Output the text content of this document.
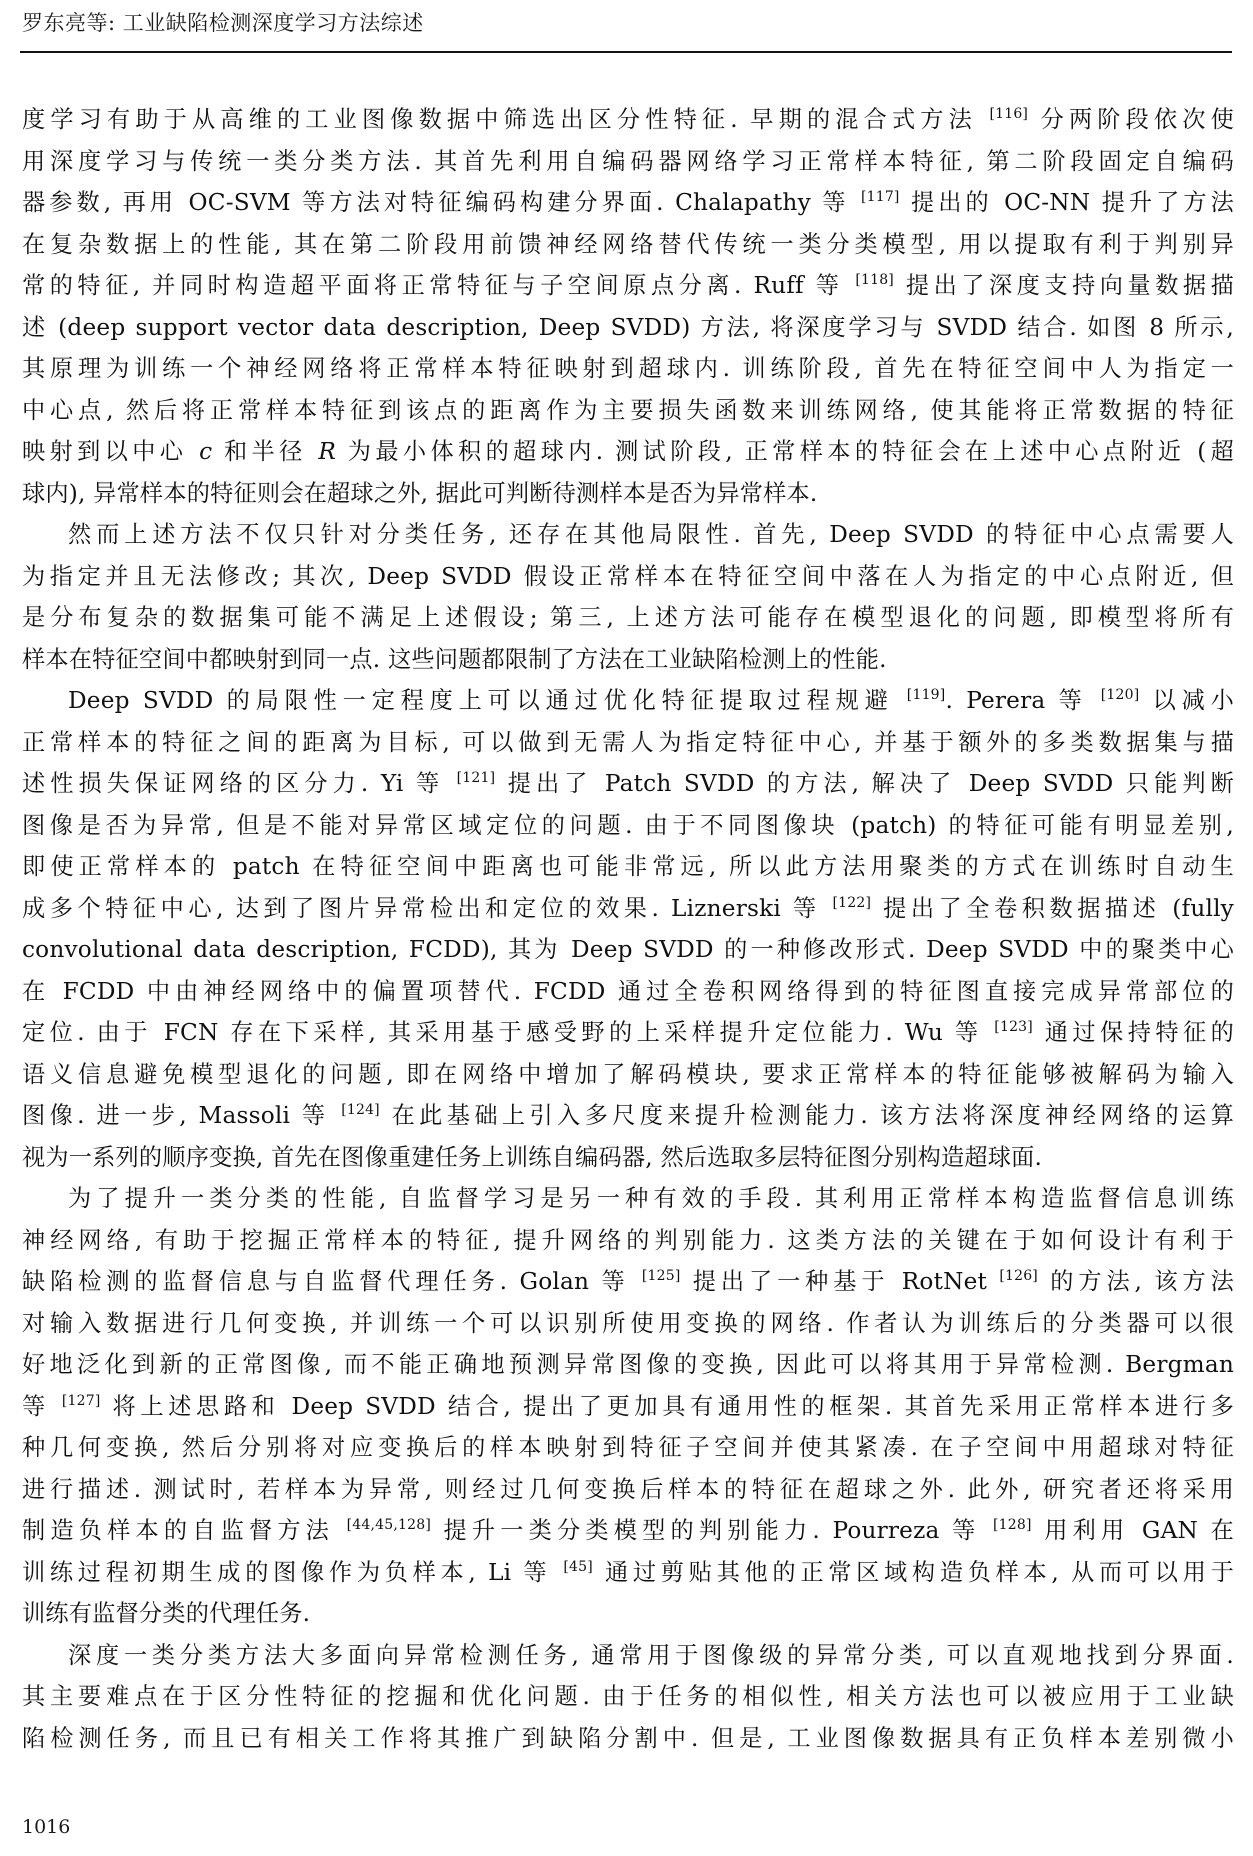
罗东亮等: 工业缺陷检测深度学习方法综述
度学习有助于从高维的工业图像数据中筛选出区分性特征. 早期的混合式方法 [116] 分两阶段依次使
用深度学习与传统一类分类方法. 其首先利用自编码器网络学习正常样本特征, 第二阶段固定自编码
器参数, 再用 OC-SVM 等方法对特征编码构建分界面. Chalapathy 等 [117] 提出的 OC-NN 提升了方法
在复杂数据上的性能, 其在第二阶段用前馈神经网络替代传统一类分类模型, 用以提取有利于判别异
常的特征, 并同时构造超平面将正常特征与子空间原点分离. Ruff 等 [118] 提出了深度支持向量数据描
述 (deep support vector data description, Deep SVDD) 方法, 将深度学习与 SVDD 结合. 如图 8 所示,
其原理为训练一个神经网络将正常样本特征映射到超球内. 训练阶段, 首先在特征空间中人为指定一
中心点, 然后将正常样本特征到该点的距离作为主要损失函数来训练网络, 使其能将正常数据的特征
映射到以中心 c 和半径 R 为最小体积的超球内. 测试阶段, 正常样本的特征会在上述中心点附近 (超
球内), 异常样本的特征则会在超球之外, 据此可判断待测样本是否为异常样本.
然而上述方法不仅只针对分类任务, 还存在其他局限性. 首先, Deep SVDD 的特征中心点需要人
为指定并且无法修改; 其次, Deep SVDD 假设正常样本在特征空间中落在人为指定的中心点附近, 但
是分布复杂的数据集可能不满足上述假设; 第三, 上述方法可能存在模型退化的问题, 即模型将所有
样本在特征空间中都映射到同一点. 这些问题都限制了方法在工业缺陷检测上的性能.
Deep SVDD 的局限性一定程度上可以通过优化特征提取过程规避 [119]. Perera 等 [120] 以减小
正常样本的特征之间的距离为目标, 可以做到无需人为指定特征中心, 并基于额外的多类数据集与描
述性损失保证网络的区分力. Yi 等 [121] 提出了 Patch SVDD 的方法, 解决了 Deep SVDD 只能判断
图像是否为异常, 但是不能对异常区域定位的问题. 由于不同图像块 (patch) 的特征可能有明显差别,
即使正常样本的 patch 在特征空间中距离也可能非常远, 所以此方法用聚类的方式在训练时自动生
成多个特征中心, 达到了图片异常检出和定位的效果. Liznerski 等 [122] 提出了全卷积数据描述 (fully
convolutional data description, FCDD), 其为 Deep SVDD 的一种修改形式. Deep SVDD 中的聚类中心
在 FCDD 中由神经网络中的偏置项替代. FCDD 通过全卷积网络得到的特征图直接完成异常部位的
定位. 由于 FCN 存在下采样, 其采用基于感受野的上采样提升定位能力. Wu 等 [123] 通过保持特征的
语义信息避免模型退化的问题, 即在网络中增加了解码模块, 要求正常样本的特征能够被解码为输入
图像. 进一步, Massoli 等 [124] 在此基础上引入多尺度来提升检测能力. 该方法将深度神经网络的运算
视为一系列的顺序变换, 首先在图像重建任务上训练自编码器, 然后选取多层特征图分别构造超球面.
为了提升一类分类的性能, 自监督学习是另一种有效的手段. 其利用正常样本构造监督信息训练
神经网络, 有助于挖掘正常样本的特征, 提升网络的判别能力. 这类方法的关键在于如何设计有利于
缺陷检测的监督信息与自监督代理任务. Golan 等 [125] 提出了一种基于 RotNet [126] 的方法, 该方法
对输入数据进行几何变换, 并训练一个可以识别所使用变换的网络. 作者认为训练后的分类器可以很
好地泛化到新的正常图像, 而不能正确地预测异常图像的变换, 因此可以将其用于异常检测. Bergman
等 [127] 将上述思路和 Deep SVDD 结合, 提出了更加具有通用性的框架. 其首先采用正常样本进行多
种几何变换, 然后分别将对应变换后的样本映射到特征子空间并使其紧凑. 在子空间中用超球对特征
进行描述. 测试时, 若样本为异常, 则经过几何变换后样本的特征在超球之外. 此外, 研究者还将采用
制造负样本的自监督方法 [44,45,128] 提升一类分类模型的判别能力. Pourreza 等 [128] 用利用 GAN 在
训练过程初期生成的图像作为负样本, Li 等 [45] 通过剪贴其他的正常区域构造负样本, 从而可以用于
训练有监督分类的代理任务.
深度一类分类方法大多面向异常检测任务, 通常用于图像级的异常分类, 可以直观地找到分界面.
其主要难点在于区分性特征的挖掘和优化问题. 由于任务的相似性, 相关方法也可以被应用于工业缺
陷检测任务, 而且已有相关工作将其推广到缺陷分割中. 但是, 工业图像数据具有正负样本差别微小
1016
